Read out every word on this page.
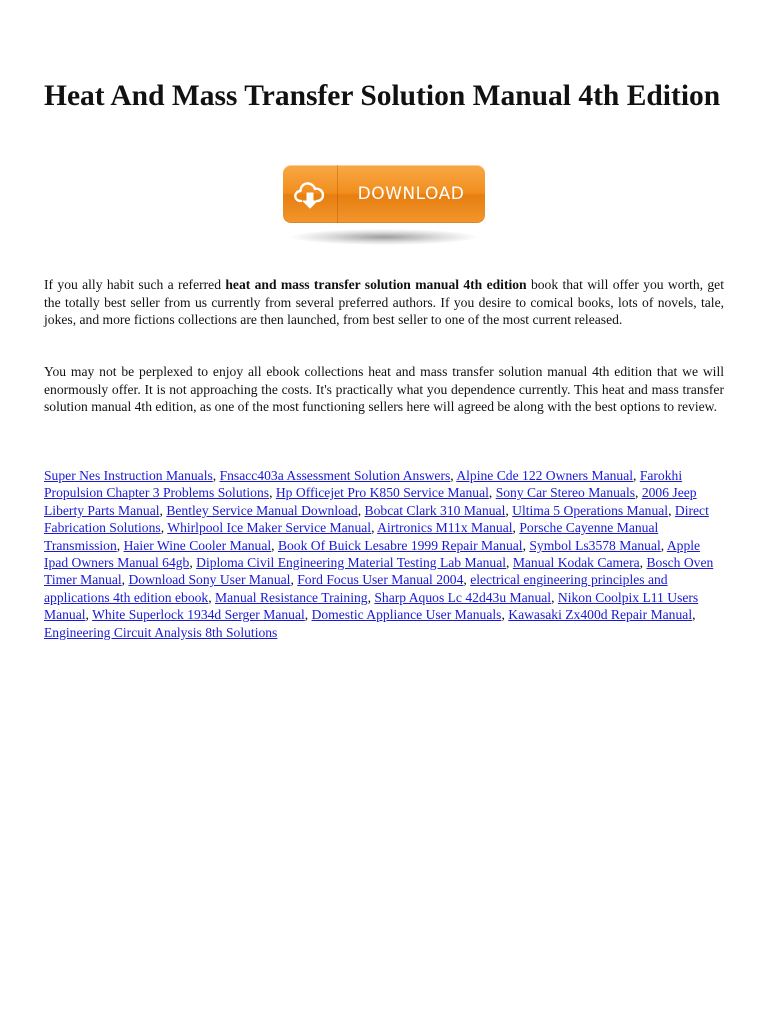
Heat And Mass Transfer Solution Manual 4th Edition
DOWNLOAD

If you ally habit such a referred heat and mass transfer solution manual 4th edition book that will offer you worth, get the totally best seller from us currently from several preferred authors. If you desire to comical books, lots of novels, tale, jokes, and more fictions collections are then launched, from best seller to one of the most current released.

You may not be perplexed to enjoy all ebook collections heat and mass transfer solution manual 4th edition that we will enormously offer. It is not approaching the costs. It's practically what you dependence currently. This heat and mass transfer solution manual 4th edition, as one of the most functioning sellers here will agreed be along with the best options to review.

Super Nes Instruction Manuals, Fnsacc403a Assessment Solution Answers, Alpine Cde 122 Owners Manual, Farokhi Propulsion Chapter 3 Problems Solutions, Hp Officejet Pro K850 Service Manual, Sony Car Stereo Manuals, 2006 Jeep Liberty Parts Manual, Bentley Service Manual Download, Bobcat Clark 310 Manual, Ultima 5 Operations Manual, Direct Fabrication Solutions, Whirlpool Ice Maker Service Manual, Airtronics M11x Manual, Porsche Cayenne Manual Transmission, Haier Wine Cooler Manual, Book Of Buick Lesabre 1999 Repair Manual, Symbol Ls3578 Manual, Apple Ipad Owners Manual 64gb, Diploma Civil Engineering Material Testing Lab Manual, Manual Kodak Camera, Bosch Oven Timer Manual, Download Sony User Manual, Ford Focus User Manual 2004, electrical engineering principles and applications 4th edition ebook, Manual Resistance Training, Sharp Aquos Lc 42d43u Manual, Nikon Coolpix L11 Users Manual, White Superlock 1934d Serger Manual, Domestic Appliance User Manuals, Kawasaki Zx400d Repair Manual, Engineering Circuit Analysis 8th Solutions
